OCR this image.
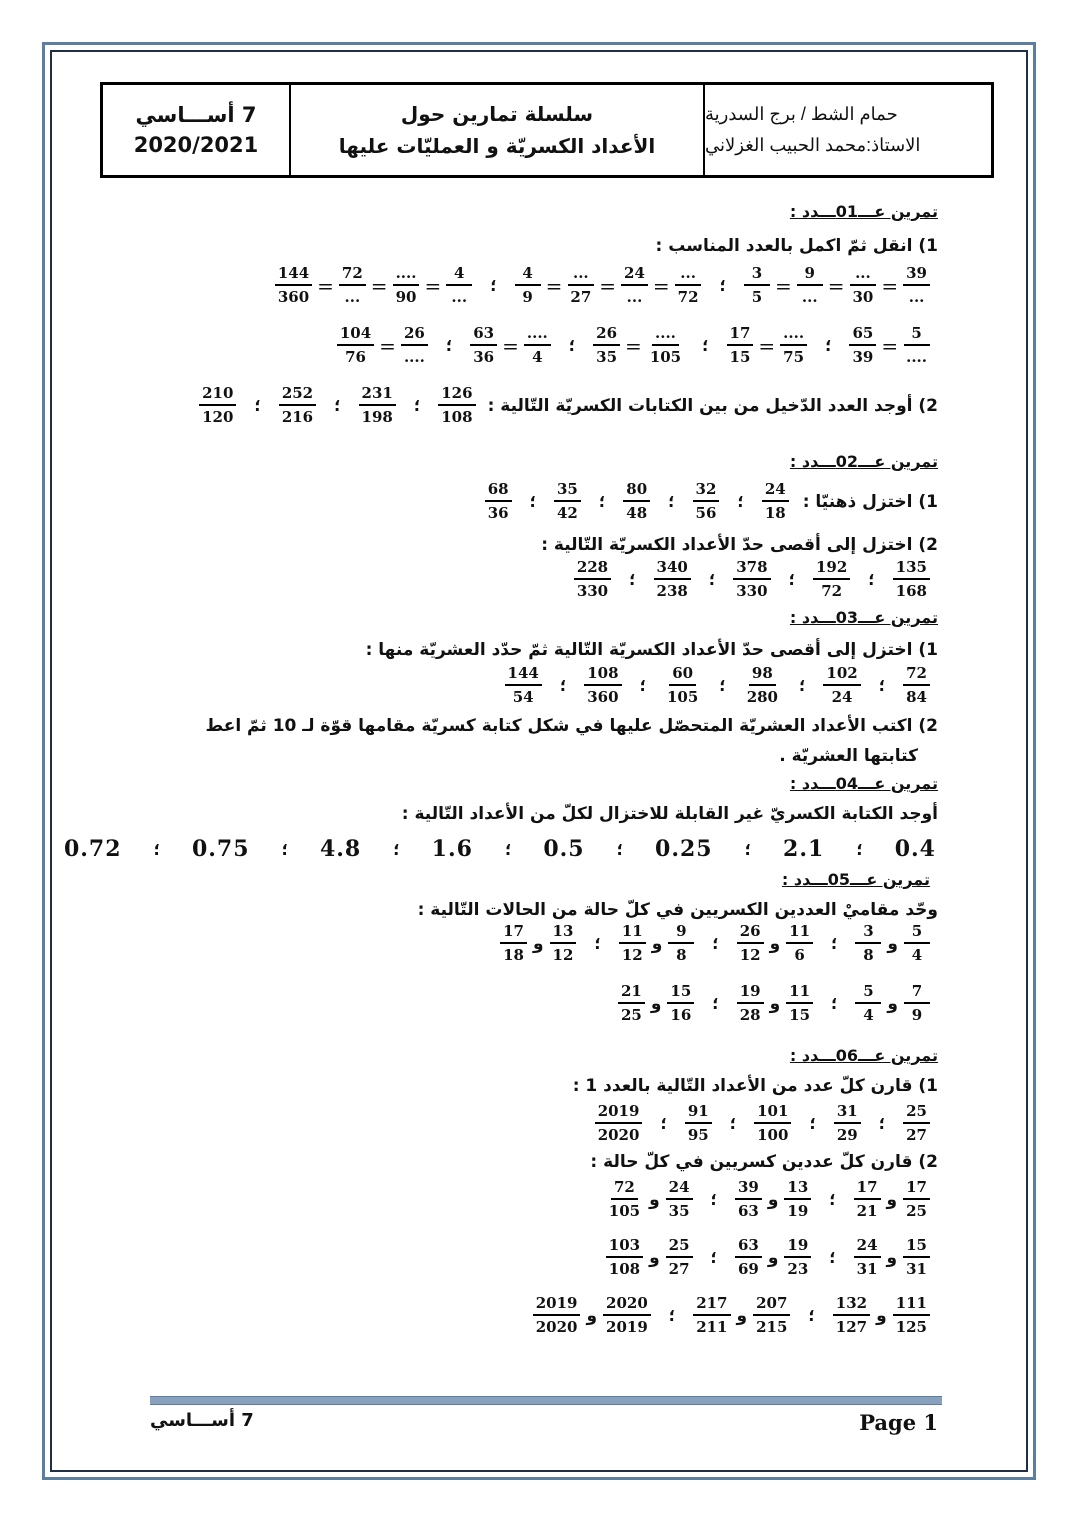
7 أســـاسي
2020/2021
سلسلة تمارين حول
الأعداد الكسريّة و العمليّات عليها
حمام الشط / برج السدرية
الاستاذ:محمد الحبيب الغزلاني
تمرين عـــ01ـــدد :
1) انقل ثمّ اكمل بالعدد المناسب :
$\frac{3}{5} = \frac{9}{...} = \frac{...}{30} = \frac{39}{...}$
؛
$\frac{4}{9} = \frac{...}{27} = \frac{24}{...} = \frac{...}{72}$
؛
$\frac{144}{360} = \frac{72}{...} = \frac{....}{90} = \frac{4}{...}$
$\frac{65}{39} = \frac{5}{....}$
؛
$\frac{17}{15} = \frac{....}{75}$
؛
$\frac{26}{35} = \frac{....}{105}$
؛
$\frac{63}{36} = \frac{....}{4}$
؛
$\frac{104}{76} = \frac{26}{....}$
2) أوجد العدد الدّخيل من بين الكتابات الكسريّة التّالية :
$\frac{126}{108}$
؛
$\frac{231}{198}$
؛
$\frac{252}{216}$
؛
$\frac{210}{120}$
تمرين عـــ02ـــدد :
1) اختزل ذهنيّا :
$\frac{24}{18}$
؛
$\frac{32}{56}$
؛
$\frac{80}{48}$
؛
$\frac{35}{42}$
؛
$\frac{68}{36}$
2) اختزل إلى أقصى حدّ الأعداد الكسريّة التّالية :
$\frac{135}{168}$
؛
$\frac{192}{72}$
؛
$\frac{378}{330}$
؛
$\frac{340}{238}$
؛
$\frac{228}{330}$
تمرين عـــ03ـــدد :
1) اختزل إلى أقصى حدّ الأعداد الكسريّة التّالية ثمّ حدّد العشريّة منها :
$\frac{72}{84}$
؛
$\frac{102}{24}$
؛
$\frac{98}{280}$
؛
$\frac{60}{105}$
؛
$\frac{108}{360}$
؛
$\frac{144}{54}$
2) اكتب الأعداد العشريّة المتحصّل عليها في شكل كتابة كسريّة مقامها قوّة لـ 10 ثمّ اعط
كتابتها العشريّة .
تمرين عـــ04ـــدد :
أوجد الكتابة الكسريّ غير القابلة للاختزال لكلّ من الأعداد التّالية :
0.4
؛
2.1
؛
0.25
؛
0.5
؛
1.6
؛
4.8
؛
0.75
؛
0.72
تمرين عـــ05ـــدد :
وحّد مقاميْ العددين الكسريين في كلّ حالة من الحالات التّالية :
$\frac{3}{8}$ و $\frac{5}{4}$
؛
$\frac{26}{12}$ و $\frac{11}{6}$
؛
$\frac{11}{12}$ و $\frac{9}{8}$
؛
$\frac{17}{18}$ و $\frac{13}{12}$
$\frac{5}{4}$ و $\frac{7}{9}$
؛
$\frac{19}{28}$ و $\frac{11}{15}$
؛
$\frac{21}{25}$ و $\frac{15}{16}$
تمرين عـــ06ـــدد :
1) قارن كلّ عدد من الأعداد التّالية بالعدد 1 :
$\frac{25}{27}$
؛
$\frac{31}{29}$
؛
$\frac{101}{100}$
؛
$\frac{91}{95}$
؛
$\frac{2019}{2020}$
2) قارن كلّ عددين كسريين في كلّ حالة :
$\frac{17}{21}$ و $\frac{17}{25}$
؛
$\frac{39}{63}$ و $\frac{13}{19}$
؛
$\frac{72}{105}$ و $\frac{24}{35}$
$\frac{24}{31}$ و $\frac{15}{31}$
؛
$\frac{63}{69}$ و $\frac{19}{23}$
؛
$\frac{103}{108}$ و $\frac{25}{27}$
$\frac{132}{127}$ و $\frac{111}{125}$
؛
$\frac{217}{211}$ و $\frac{207}{215}$
؛
$\frac{2019}{2020}$ و $\frac{2020}{2019}$
7 أســـاسي	Page 1
